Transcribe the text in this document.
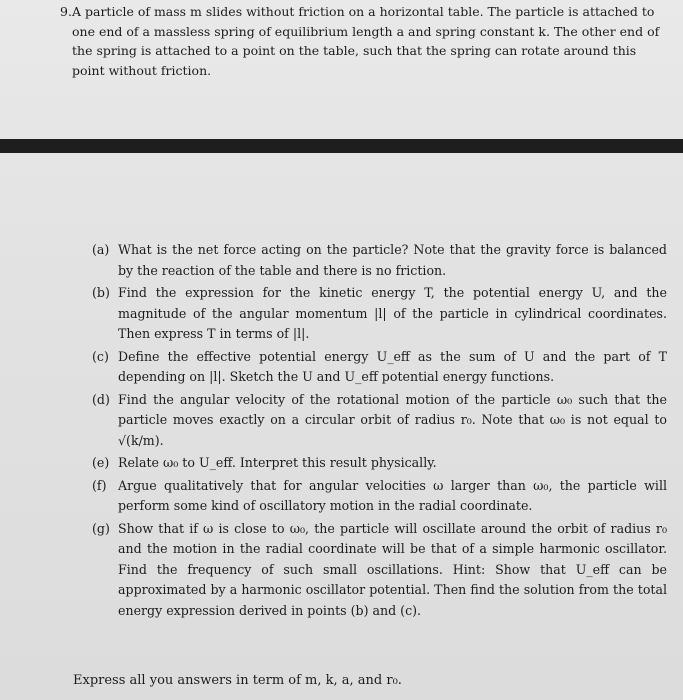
9. A particle of mass m slides without friction on a horizontal table. The particle is attached to one end of a massless spring of equilibrium length a and spring constant k. The other end of the spring is attached to a point on the table, such that the spring can rotate around this point without friction.
(a) What is the net force acting on the particle? Note that the gravity force is balanced by the reaction of the table and there is no friction.
(b) Find the expression for the kinetic energy T, the potential energy U, and the magnitude of the angular momentum |l| of the particle in cylindrical coordinates. Then express T in terms of |l|.
(c) Define the effective potential energy U_eff as the sum of U and the part of T depending on |l|. Sketch the U and U_eff potential energy functions.
(d) Find the angular velocity of the rotational motion of the particle ω₀ such that the particle moves exactly on a circular orbit of radius r₀. Note that ω₀ is not equal to √(k/m).
(e) Relate ω₀ to U_eff. Interpret this result physically.
(f) Argue qualitatively that for angular velocities ω larger than ω₀, the particle will perform some kind of oscillatory motion in the radial coordinate.
(g) Show that if ω is close to ω₀, the particle will oscillate around the orbit of radius r₀ and the motion in the radial coordinate will be that of a simple harmonic oscillator. Find the frequency of such small oscillations. Hint: Show that U_eff can be approximated by a harmonic oscillator potential. Then find the solution from the total energy expression derived in points (b) and (c).
Express all you answers in term of m, k, a, and r₀.
